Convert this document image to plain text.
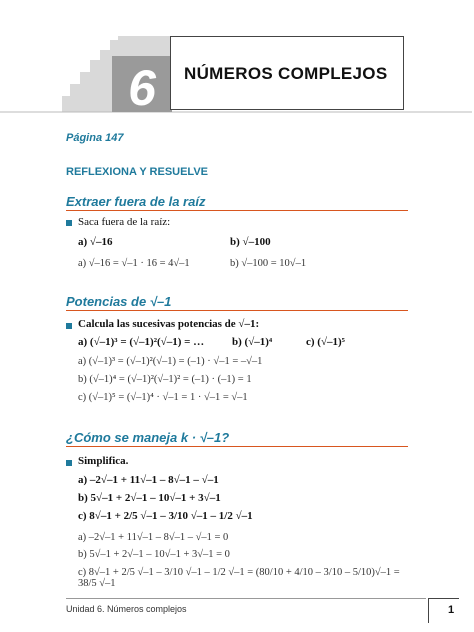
6	NÚMEROS COMPLEJOS
Página 147
REFLEXIONA Y RESUELVE
Extraer fuera de la raíz
Saca fuera de la raíz:
a) √–16	b) √–100
a) √–16 = √–1 · 16 = 4√–1	b) √–100 = 10√–1
Potencias de √–1
Calcula las sucesivas potencias de √–1:
a) (√–1)³ = (√–1)²(√–1) = …	b) (√–1)⁴	c) (√–1)⁵
a) (√–1)³ = (√–1)²(√–1) = (–1) · √–1 = –√–1
b) (√–1)⁴ = (√–1)²(√–1)² = (–1) · (–1) = 1
c) (√–1)⁵ = (√–1)⁴ · √–1 = 1 · √–1 = √–1
¿Cómo se maneja k · √–1?
Simplifica.
a) –2√–1 + 11√–1 – 8√–1 – √–1
b) 5√–1 + 2√–1 – 10√–1 + 3√–1
c) 8√–1 + 2/5 √–1 – 3/10 √–1 – 1/2 √–1
a) –2√–1 + 11√–1 – 8√–1 – √–1 = 0
b) 5√–1 + 2√–1 – 10√–1 + 3√–1 = 0
c) 8√–1 + 2/5 √–1 – 3/10 √–1 – 1/2 √–1 = (80/10 + 4/10 – 3/10 – 5/10)√–1 = 38/5 √–1
Unidad 6. Números complejos	1
